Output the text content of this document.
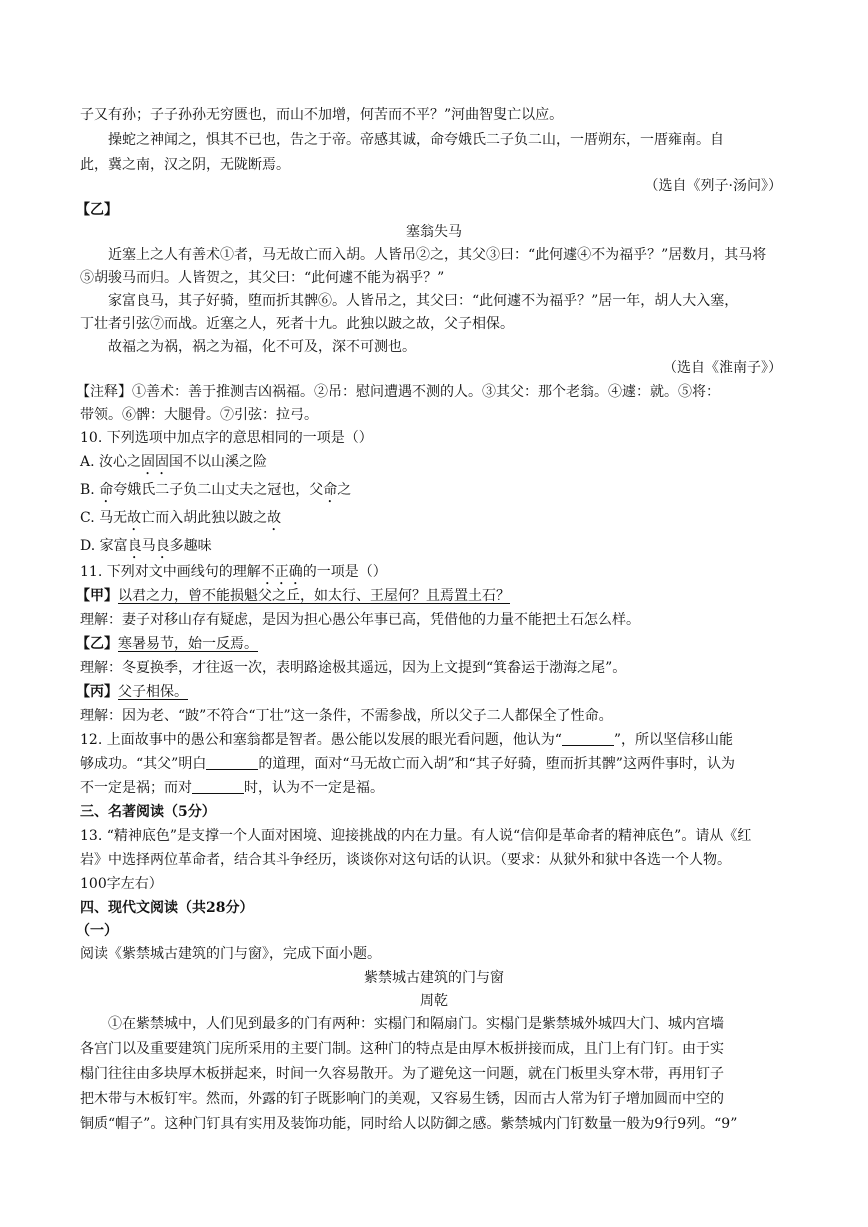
子又有孙；子子孙孙无穷匮也，而山不加增，何苦而不平？”河曲智叟亡以应。
操蛇之神闻之，惧其不已也，告之于帝。帝感其诚，命夸娥氏二子负二山，一厝朔东，一厝雍南。自
此，冀之南，汉之阴，无陇断焉。
（选自《列子·汤问》）
【乙】
塞翁失马
近塞上之人有善术①者，马无故亡而入胡。人皆吊②之，其父③曰：“此何遽④不为福乎？”居数月，其马将
⑤胡骏马而归。人皆贺之，其父曰：“此何遽不能为祸乎？”
家富良马，其子好骑，堕而折其髀⑥。人皆吊之，其父曰：“此何遽不为福乎？”居一年，胡人大入塞，
丁壮者引弦⑦而战。近塞之人，死者十九。此独以跛之故，父子相保。
故福之为祸，祸之为福，化不可及，深不可测也。
（选自《淮南子》）
【注释】①善术：善于推测吉凶祸福。②吊：慰问遭遇不测的人。③其父：那个老翁。④遽：就。⑤将：
带领。⑥髀：大腿骨。⑦引弦：拉弓。
10. 下列选项中加点字的意思相同的一项是（）
A. 汝心之固固国不以山溪之险
B. 命夸娥氏二子负二山丈夫之冠也，父命之
C. 马无故亡而入胡此独以跛之故
D. 家富良马良多趣味
11. 下列对文中画线句的理解不正确的一项是（）
【甲】以君之力，曾不能损魁父之丘，如太行、王屋何？且焉置土石？
理解：妻子对移山存有疑虑，是因为担心愚公年事已高，凭借他的力量不能把土石怎么样。
【乙】寒暑易节，始一反焉。
理解：冬夏换季，才往返一次，表明路途极其遥远，因为上文提到“箕畚运于渤海之尾”。
【丙】父子相保。
理解：因为老、“跛”不符合“丁壮”这一条件，不需参战，所以父子二人都保全了性命。
12. 上面故事中的愚公和塞翁都是智者。愚公能以发展的眼光看问题，他认为“	”，所以坚信移山能
够成功。“其父”明白	的道理，面对“马无故亡而入胡”和“其子好骑，堕而折其髀”这两件事时，认为
不一定是祸；而对	时，认为不一定是福。
三、名著阅读（5分）
13. “精神底色”是支撑一个人面对困境、迎接挑战的内在力量。有人说“信仰是革命者的精神底色”。请从《红
岩》中选择两位革命者，结合其斗争经历，谈谈你对这句话的认识。（要求：从狱外和狱中各选一个人物。
100字左右）
四、现代文阅读（共28分）
（一）
阅读《紫禁城古建筑的门与窗》，完成下面小题。
紫禁城古建筑的门与窗
周乾
①在紫禁城中，人们见到最多的门有两种：实榻门和隔扇门。实榻门是紫禁城外城四大门、城内宫墙
各宫门以及重要建筑门庑所采用的主要门制。这种门的特点是由厚木板拼接而成，且门上有门钉。由于实
榻门往往由多块厚木板拼起来，时间一久容易散开。为了避免这一问题，就在门板里头穿木带，再用钉子
把木带与木板钉牢。然而，外露的钉子既影响门的美观，又容易生锈，因而古人常为钉子增加圆而中空的
铜质“帽子”。这种门钉具有实用及装饰功能，同时给人以防御之感。紫禁城内门钉数量一般为9行9列。“9”
